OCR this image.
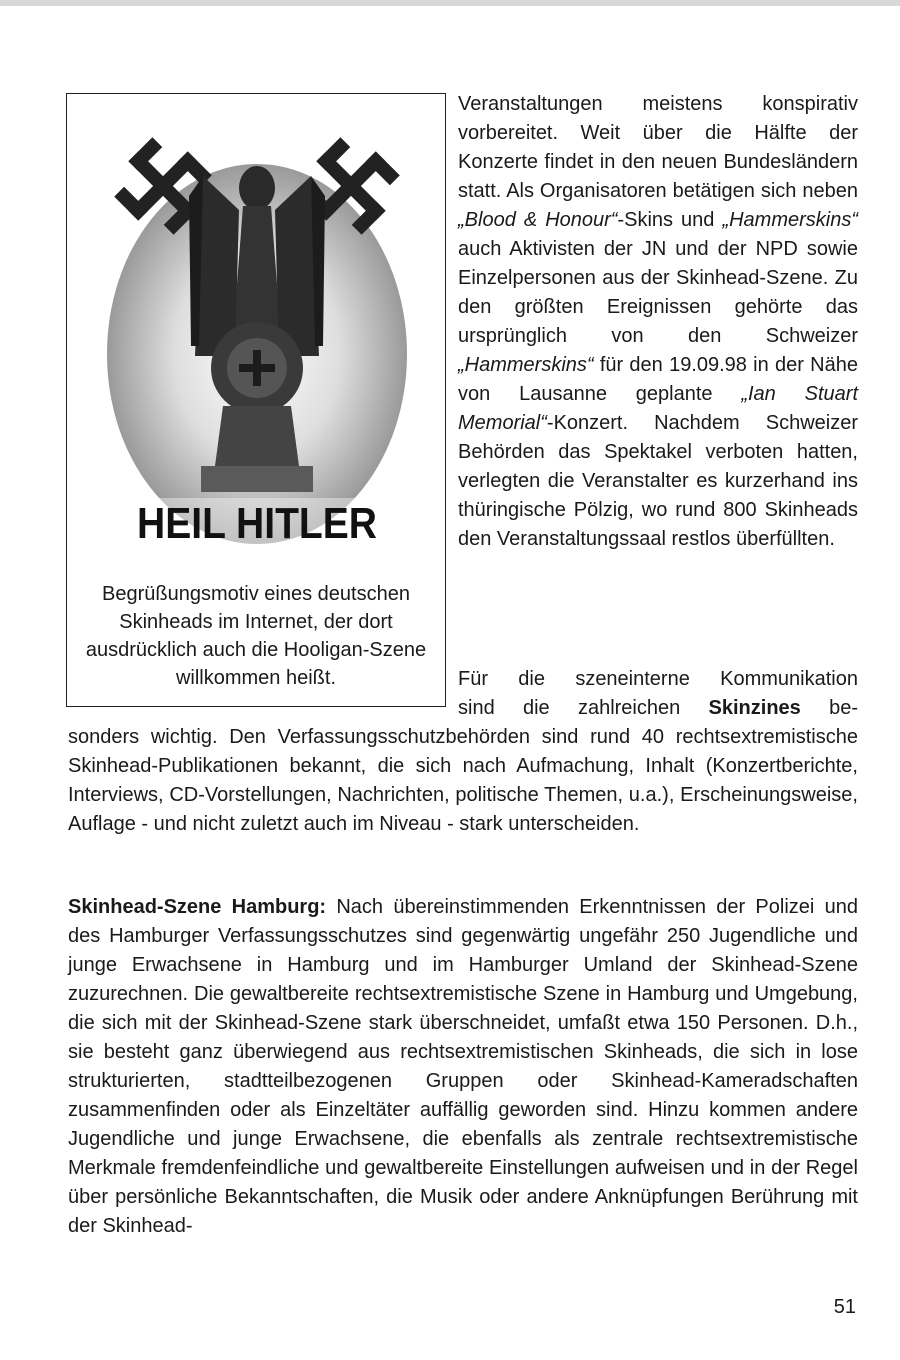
HEIL HITLER

Begrüßungsmotiv eines deutschen Skinheads im Internet, der dort ausdrücklich auch die Hooligan-Szene willkommen heißt.

Veranstaltungen meistens konspirativ vorbereitet. Weit über die Hälfte der Konzerte findet in den neuen Bundesländern statt. Als Organisatoren betätigen sich neben „Blood & Honour“-Skins und „Hammerskins“ auch Aktivisten der JN und der NPD sowie Einzelpersonen aus der Skinhead-Szene. Zu den größten Ereignissen gehörte das ursprünglich von den Schweizer „Hammerskins“ für den 19.09.98 in der Nähe von Lausanne geplante „Ian Stuart Memorial“-Konzert. Nachdem Schweizer Behörden das Spektakel verboten hatten, verlegten die Veranstalter es kurzerhand ins thüringische Pölzig, wo rund 800 Skinheads den Veranstaltungssaal restlos überfüllten.

Für die szeneinterne Kommunikation
sind die zahlreichen Skinzines be-

sonders wichtig. Den Verfassungsschutzbehörden sind rund 40 rechtsextremistische Skinhead-Publikationen bekannt, die sich nach Aufmachung, Inhalt (Konzertberichte, Interviews, CD-Vorstellungen, Nachrichten, politische Themen, u.a.), Erscheinungsweise, Auflage - und nicht zuletzt auch im Niveau - stark unterscheiden.

Skinhead-Szene Hamburg: Nach übereinstimmenden Erkenntnissen der Polizei und des Hamburger Verfassungsschutzes sind gegenwärtig ungefähr 250 Jugendliche und junge Erwachsene in Hamburg und im Hamburger Umland der Skinhead-Szene zuzurechnen. Die gewaltbereite rechtsextremistische Szene in Hamburg und Umgebung, die sich mit der Skinhead-Szene stark überschneidet, umfaßt etwa 150 Personen. D.h., sie besteht ganz überwiegend aus rechtsextremistischen Skinheads, die sich in lose strukturierten, stadtteilbezogenen Gruppen oder Skinhead-Kameradschaften zusammenfinden oder als Einzeltäter auffällig geworden sind. Hinzu kommen andere Jugendliche und junge Erwachsene, die ebenfalls als zentrale rechtsextremistische Merkmale fremdenfeindliche und gewaltbereite Einstellungen aufweisen und in der Regel über persönliche Bekanntschaften, die Musik oder andere Anknüpfungen Berührung mit der Skinhead-

51
